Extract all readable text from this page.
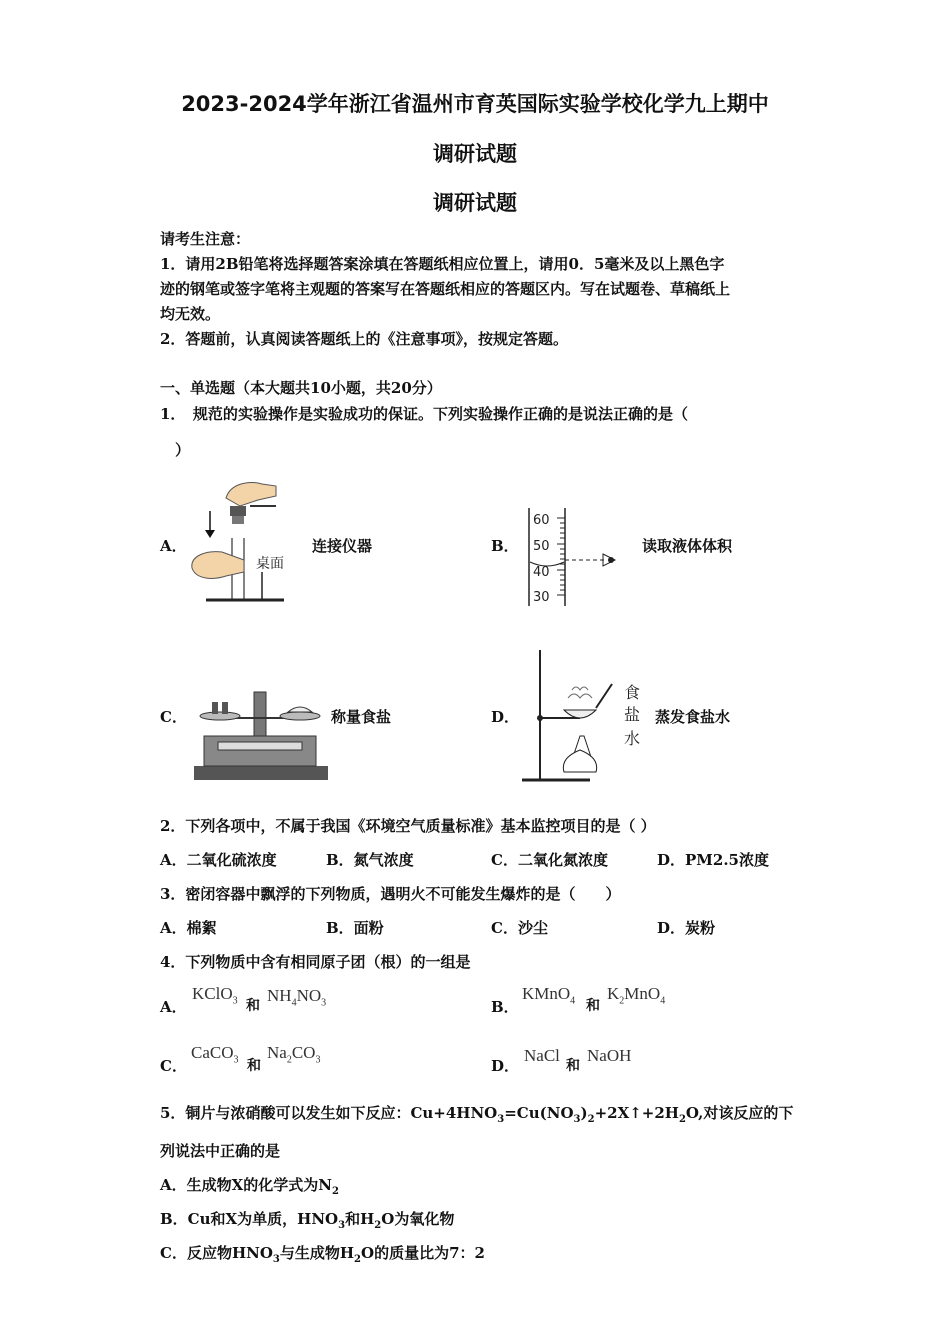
2023-2024学年浙江省温州市育英国际实验学校化学九上期中
调研试题
调研试题
请考生注意：
1．请用2B铅笔将选择题答案涂填在答题纸相应位置上，请用0．5毫米及以上黑色字
迹的钢笔或签字笔将主观题的答案写在答题纸相应的答题区内。写在试题卷、草稿纸上
均无效。
2．答题前，认真阅读答题纸上的《注意事项》，按规定答题。
一、单选题（本大题共10小题，共20分）
1．　规范的实验操作是实验成功的保证。下列实验操作正确的是说法正确的是（
）
A．
桌面
连接仪器	B．
60
50
40
30
读取液体体积
C．	称量食盐	D．
食
盐
水
蒸发食盐水
2．下列各项中，不属于我国《环境空气质量标准》基本监控项目的是（ ）
A．二氧化硫浓度	B．氮气浓度	C．二氧化氮浓度	D．PM2.5浓度
3．密闭容器中飘浮的下列物质，遇明火不可能发生爆炸的是（　　）
A．棉絮	B．面粉	C．沙尘	D．炭粉
4．下列物质中含有相同原子团（根）的一组是
A．
KClO$_3$ 和
$NH_4NO_3$	B．
KMnO$_4$ 和
$K_2MnO_4$
C．
CaCO$_3$ 和
$Na_2CO_3$	D．
NaCl
和
NaOH
5．铜片与浓硝酸可以发生如下反应：$Cu+4HNO_3=Cu(NO_3)_2+2X↑+2H_2O$,对该反应的下
列说法中正确的是
A．生成物X的化学式为$N_2$
B．Cu和X为单质，$HNO_3$和$H_2O$为氧化物
C．反应物$HNO_3$与生成物$H_2O$的质量比为7：2
